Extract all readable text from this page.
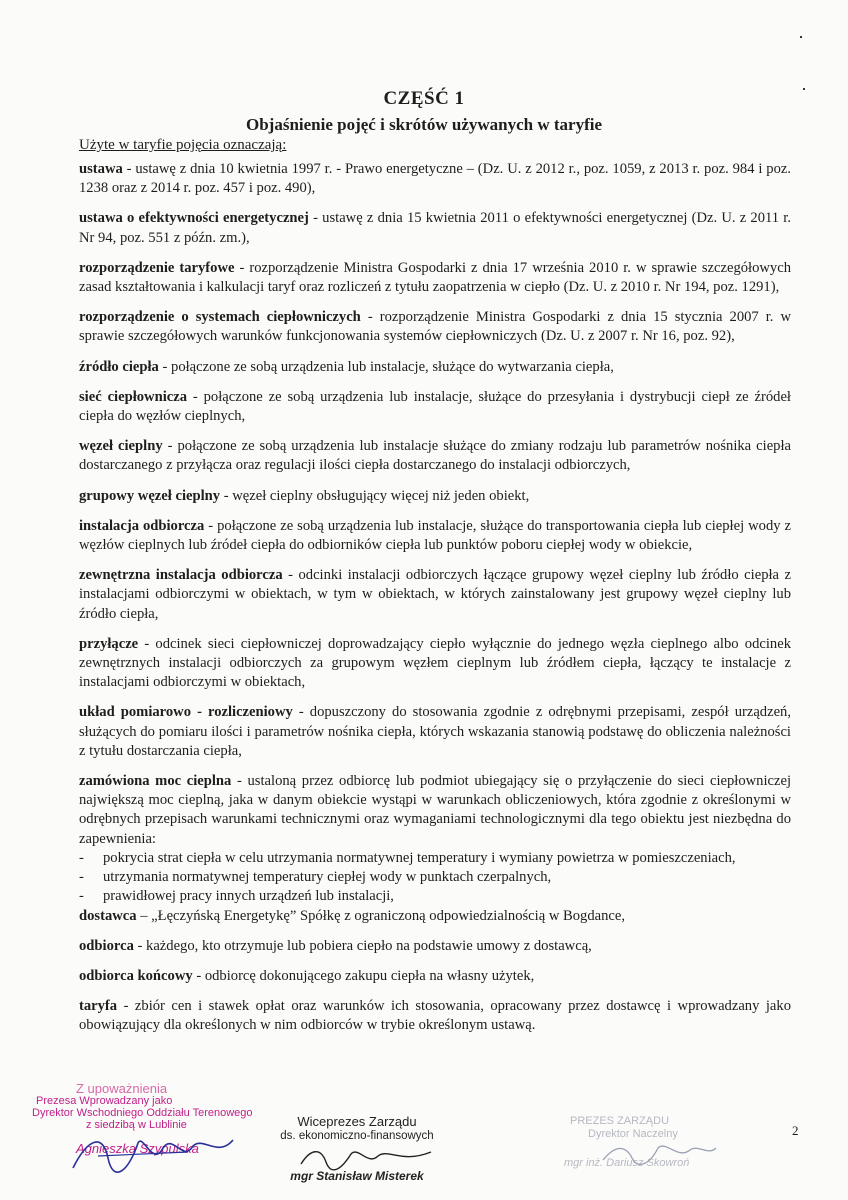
CZĘŚĆ 1
Objaśnienie pojęć i skrótów używanych w taryfie
Użyte w taryfie pojęcia oznaczają:

ustawa - ustawę z dnia 10 kwietnia 1997 r. - Prawo energetyczne – (Dz. U. z 2012 r., poz. 1059, z 2013 r. poz. 984 i poz. 1238 oraz z 2014 r. poz. 457 i poz. 490),

ustawa o efektywności energetycznej - ustawę z dnia 15 kwietnia 2011 o efektywności energetycznej (Dz. U. z 2011 r. Nr 94, poz. 551 z późn. zm.),

rozporządzenie taryfowe - rozporządzenie Ministra Gospodarki z dnia 17 września 2010 r. w sprawie szczegółowych zasad kształtowania i kalkulacji taryf oraz rozliczeń z tytułu zaopatrzenia w ciepło (Dz. U. z 2010 r. Nr 194, poz. 1291),

rozporządzenie o systemach ciepłowniczych - rozporządzenie Ministra Gospodarki z dnia 15 stycznia 2007 r. w sprawie szczegółowych warunków funkcjonowania systemów ciepłowniczych (Dz. U. z 2007 r. Nr 16, poz. 92),

źródło ciepła - połączone ze sobą urządzenia lub instalacje, służące do wytwarzania ciepła,

sieć ciepłownicza - połączone ze sobą urządzenia lub instalacje, służące do przesyłania i dystrybucji ciepł ze źródeł ciepła do węzłów cieplnych,

węzeł cieplny - połączone ze sobą urządzenia lub instalacje służące do zmiany rodzaju lub parametrów nośnika ciepła dostarczanego z przyłącza oraz regulacji ilości ciepła dostarczanego do instalacji odbiorczych,

grupowy węzeł cieplny - węzeł cieplny obsługujący więcej niż jeden obiekt,

instalacja odbiorcza - połączone ze sobą urządzenia lub instalacje, służące do transportowania ciepła lub ciepłej wody z węzłów cieplnych lub źródeł ciepła do odbiorników ciepła lub punktów poboru ciepłej wody w obiekcie,

zewnętrzna instalacja odbiorcza - odcinki instalacji odbiorczych łączące grupowy węzeł cieplny lub źródło ciepła z instalacjami odbiorczymi w obiektach, w tym w obiektach, w których zainstalowany jest grupowy węzeł cieplny lub źródło ciepła,

przyłącze - odcinek sieci ciepłowniczej doprowadzający ciepło wyłącznie do jednego węzła cieplnego albo odcinek zewnętrznych instalacji odbiorczych za grupowym węzłem cieplnym lub źródłem ciepła, łączący te instalacje z instalacjami odbiorczymi w obiektach,

układ pomiarowo - rozliczeniowy - dopuszczony do stosowania zgodnie z odrębnymi przepisami, zespół urządzeń, służących do pomiaru ilości i parametrów nośnika ciepła, których wskazania stanowią podstawę do obliczenia należności z tytułu dostarczania ciepła,

zamówiona moc cieplna - ustaloną przez odbiorcę lub podmiot ubiegający się o przyłączenie do sieci ciepłowniczej największą moc cieplną, jaka w danym obiekcie wystąpi w warunkach obliczeniowych, która zgodnie z określonymi w odrębnych przepisach warunkami technicznymi oraz wymaganiami technologicznymi dla tego obiektu jest niezbędna do zapewnienia:

- pokrycia strat ciepła w celu utrzymania normatywnej temperatury i wymiany powietrza w pomieszczeniach,
- utrzymania normatywnej temperatury ciepłej wody w punktach czerpalnych,
- prawidłowej pracy innych urządzeń lub instalacji,

dostawca – „Łęczyńską Energetykę” Spółkę z ograniczoną odpowiedzialnością w Bogdance,

odbiorca - każdego, kto otrzymuje lub pobiera ciepło na podstawie umowy z dostawcą,

odbiorca końcowy - odbiorcę dokonującego zakupu ciepła na własny użytek,

taryfa - zbiór cen i stawek opłat oraz warunków ich stosowania, opracowany przez dostawcę i wprowadzany jako obowiązujący dla określonych w nim odbiorców w trybie określonym ustawą.

2
Z upoważnienia
Prezesa Wprowadzany jako
Dyrektor Wschodniego Oddziału Terenowego
z siedzibą w Lublinie
Agnieszka Szypulska
Wiceprezes Zarządu
ds. ekonomiczno-finansowych
mgr Stanisław Misterek
PREZES ZARZĄDU
Dyrektor Naczelny
mgr inż. Dariusz Skowroń
